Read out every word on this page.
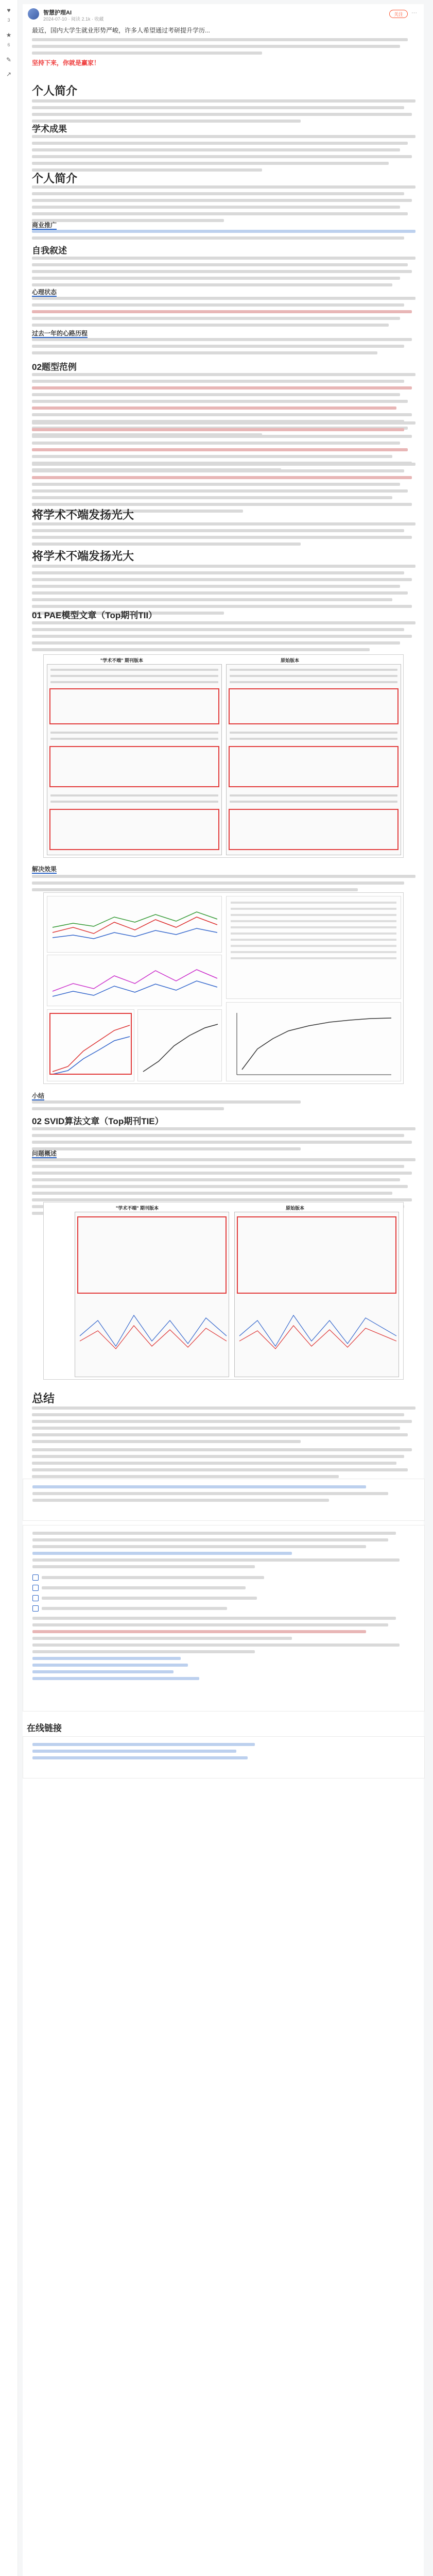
♥
3
★
6
✎
↗
智慧护理AI
2024-07-10 · 阅读 2.1k · 收藏
关注	···
最近，国内大学生就业形势严峻，许多人希望通过考研提升学历...
坚持下来，你就是赢家！
个人简介
学术成果
个人简介
商业推广
自我叙述
心理状态
过去一年的心路历程
02题型范例
将学术不端发扬光大
将学术不端发扬光大
01 PAE模型文章（Top期刊TII）
"学术不端" 期刊版本	原始版本
解决效果
小结
02 SVID算法文章（Top期刊TIE）
问题概述
"学术不端" 期刊版本	原始版本
总结
在线链接
